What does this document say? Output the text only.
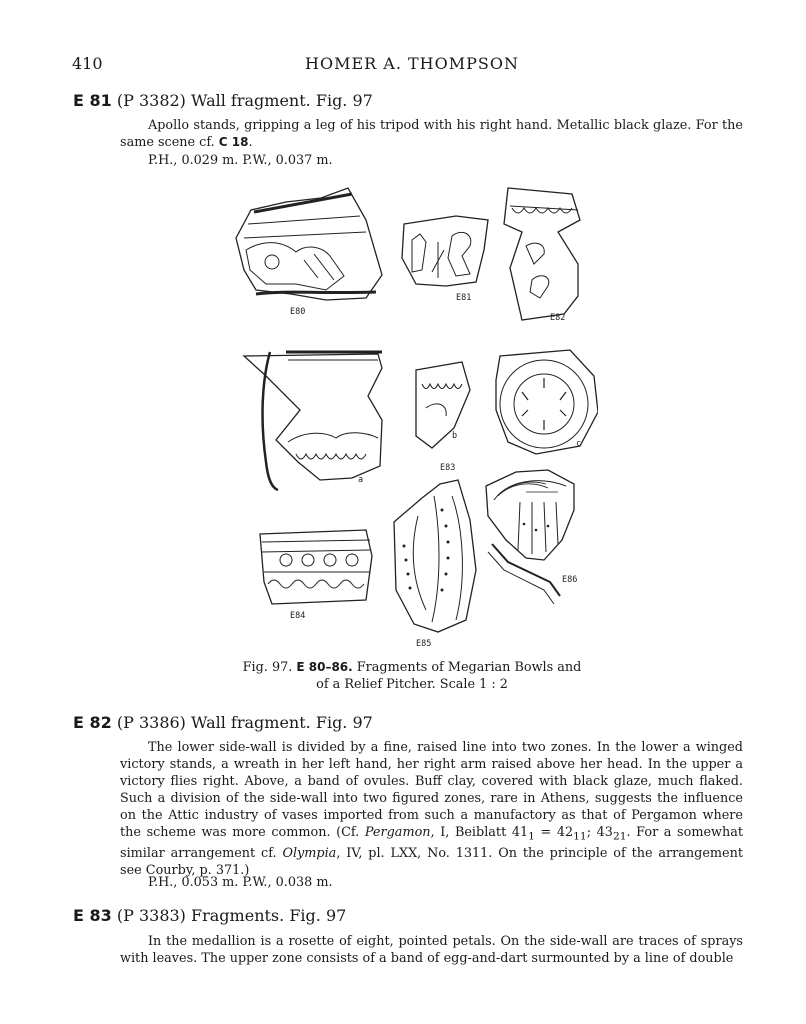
410	HOMER A. THOMPSON
E 81 (P 3382) Wall fragment. Fig. 97
Apollo stands, gripping a leg of his tripod with his right hand. Metallic black glaze. For the same scene cf. C 18.
P.H., 0.029 m. P.W., 0.037 m.
E80
E81
E82
a
b
c
E83
E84
E85
E86
Fig. 97. E 80–86. Fragments of Megarian Bowls and
of a Relief Pitcher. Scale 1 : 2
E 82 (P 3386) Wall fragment. Fig. 97
The lower side-wall is divided by a fine, raised line into two zones. In the lower a winged victory stands, a wreath in her left hand, her right arm raised above her head. In the upper a victory flies right. Above, a band of ovules. Buff clay, covered with black glaze, much flaked. Such a division of the side-wall into two figured zones, rare in Athens, suggests the influence on the Attic industry of vases imported from such a manufactory as that of Pergamon where the scheme was more common. (Cf. Pergamon, I, Beiblatt $41_1 = 42_{11}$; $43_{21}$. For a somewhat similar arrangement cf. Olympia, IV, pl. LXX, No. 1311. On the principle of the arrangement see Courby, p. 371.)
P.H., 0.053 m. P.W., 0.038 m.
E 83 (P 3383) Fragments. Fig. 97
In the medallion is a rosette of eight, pointed petals. On the side-wall are traces of sprays with leaves. The upper zone consists of a band of egg-and-dart surmounted by a line of double
